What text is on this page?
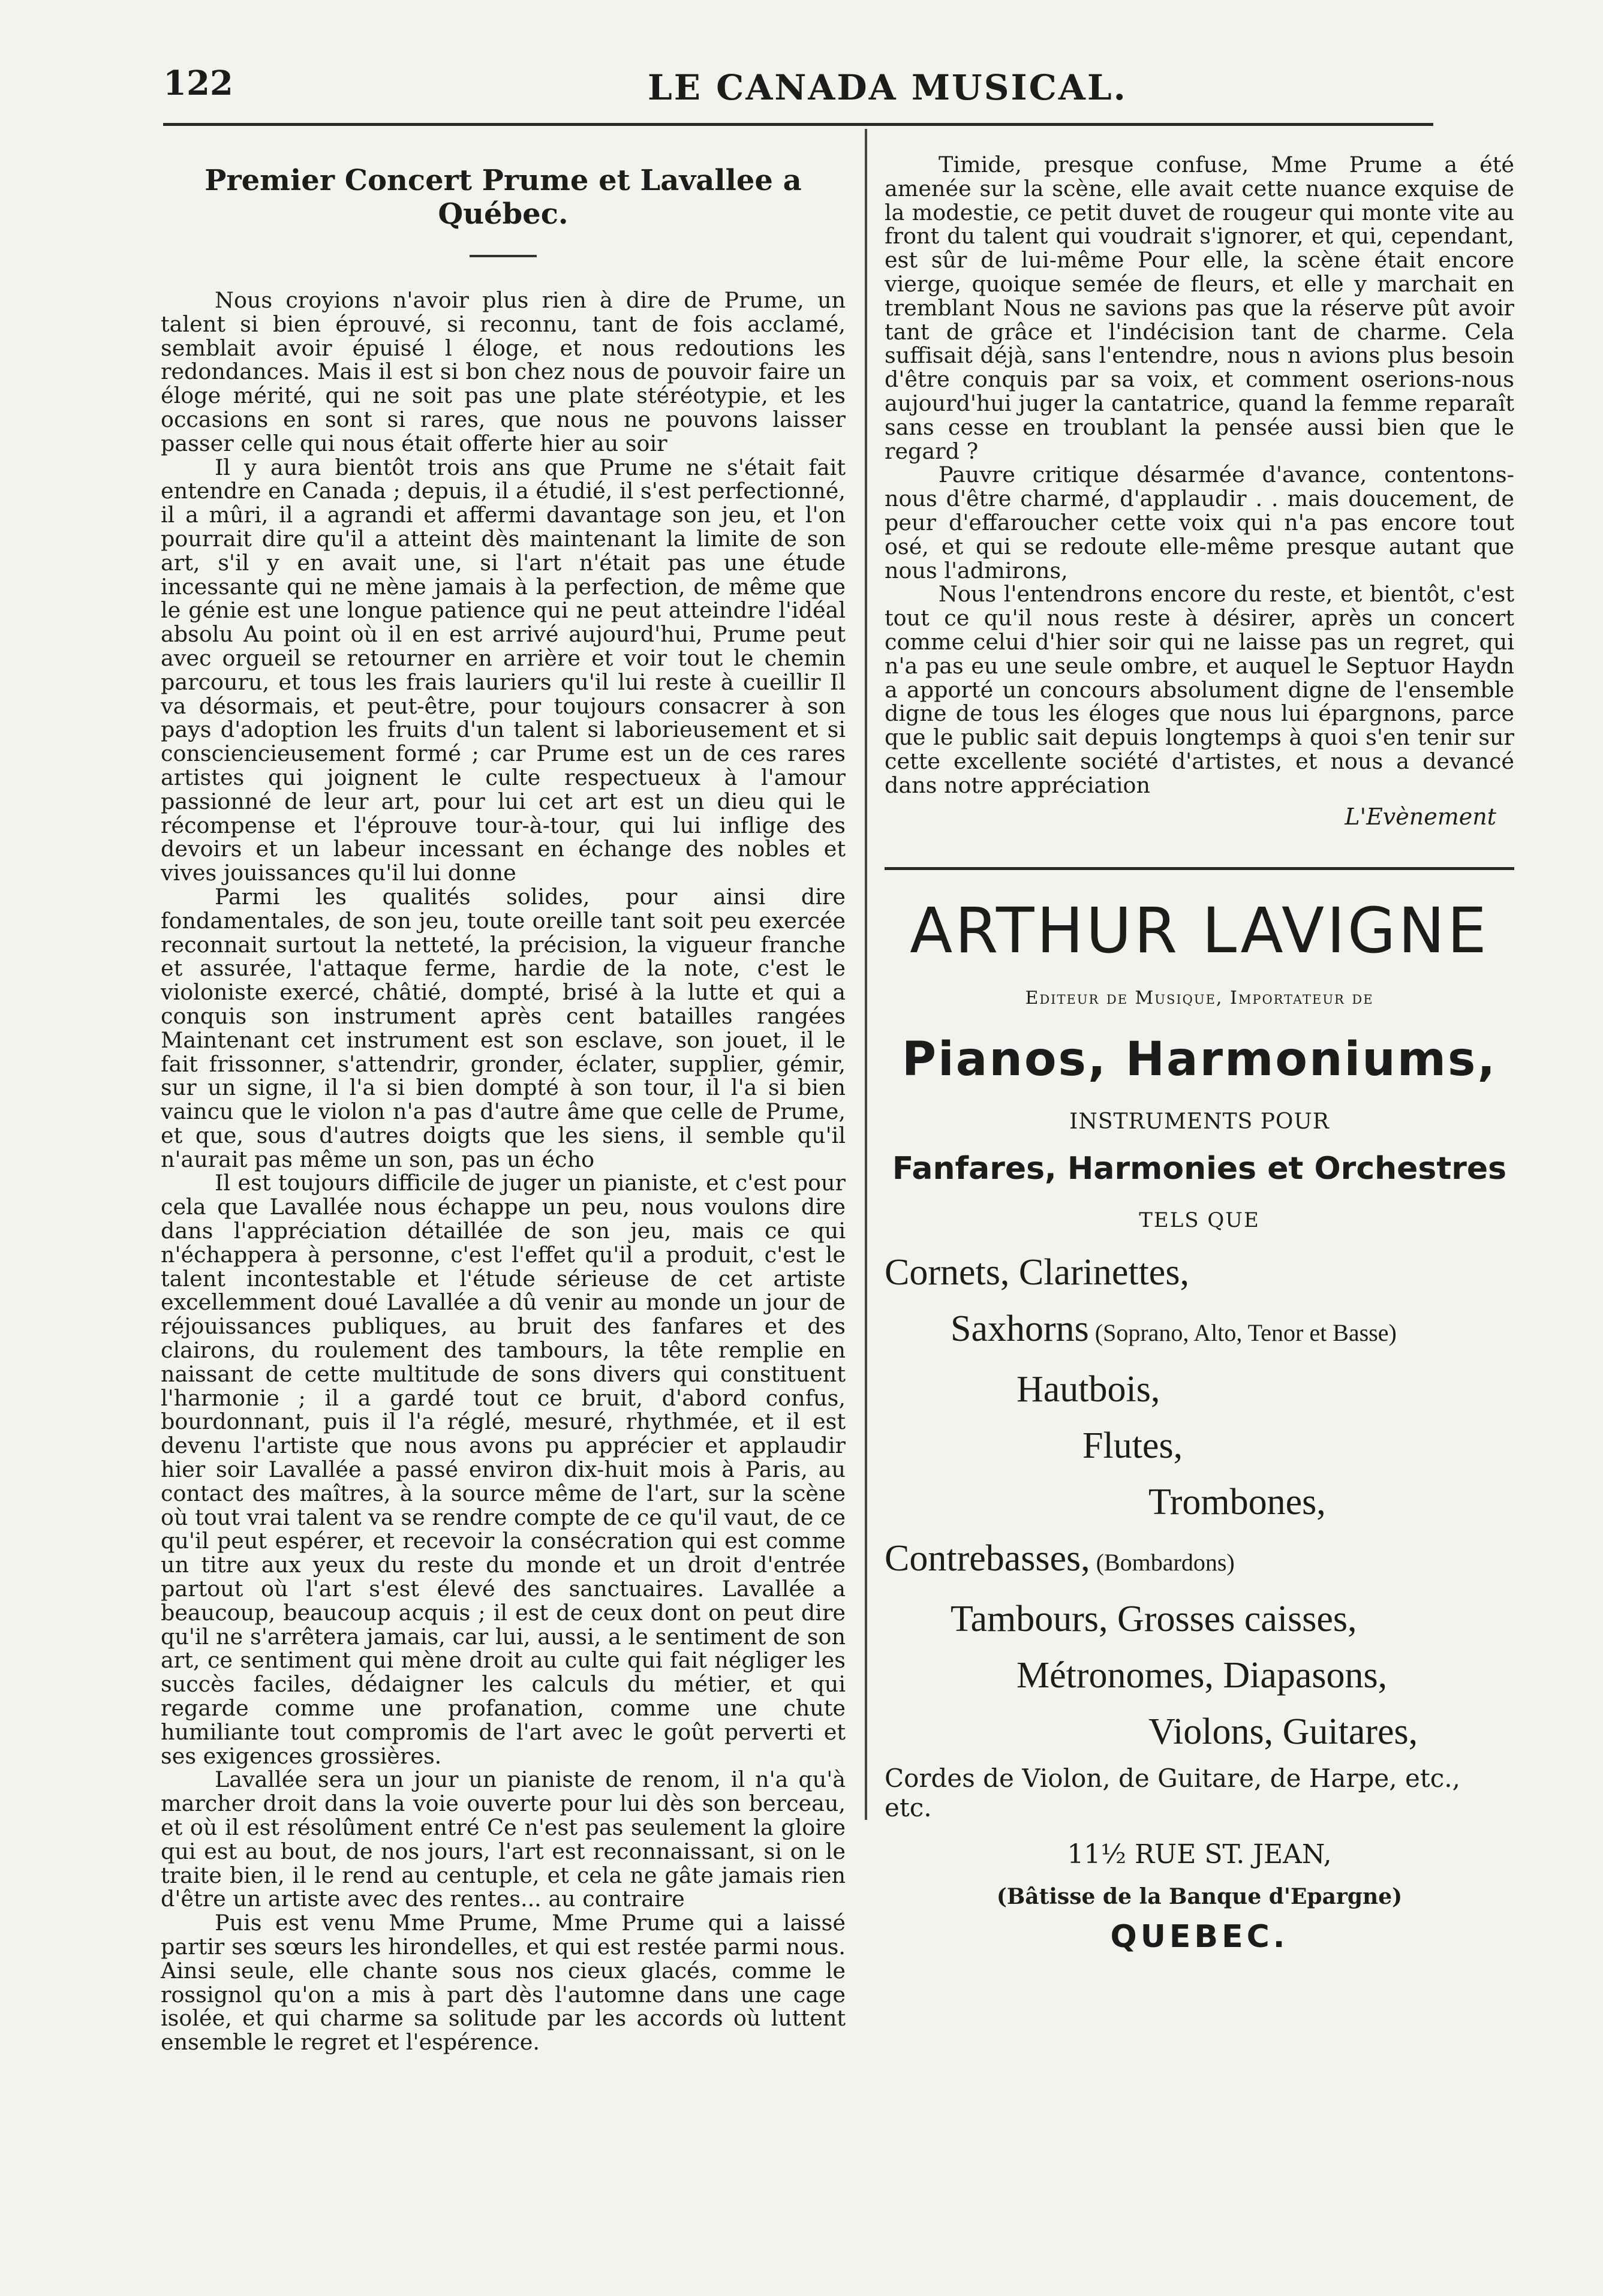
122	LE CANADA MUSICAL.
Premier Concert Prume et Lavallee a Québec.

Nous croyions n'avoir plus rien à dire de Prume, un talent si bien éprouvé, si reconnu, tant de fois acclamé, semblait avoir épuisé l éloge, et nous redoutions les redondances. Mais il est si bon chez nous de pouvoir faire un éloge mérité, qui ne soit pas une plate stéréotypie, et les occasions en sont si rares, que nous ne pouvons laisser passer celle qui nous était offerte hier au soir

Il y aura bientôt trois ans que Prume ne s'était fait entendre en Canada ; depuis, il a étudié, il s'est perfectionné, il a mûri, il a agrandi et affermi davantage son jeu, et l'on pourrait dire qu'il a atteint dès maintenant la limite de son art, s'il y en avait une, si l'art n'était pas une étude incessante qui ne mène jamais à la perfection, de même que le génie est une longue patience qui ne peut atteindre l'idéal absolu Au point où il en est arrivé aujourd'hui, Prume peut avec orgueil se retourner en arrière et voir tout le chemin parcouru, et tous les frais lauriers qu'il lui reste à cueillir Il va désormais, et peut-être, pour toujours consacrer à son pays d'adoption les fruits d'un talent si laborieusement et si consciencieusement formé ; car Prume est un de ces rares artistes qui joignent le culte respectueux à l'amour passionné de leur art, pour lui cet art est un dieu qui le récompense et l'éprouve tour-à-tour, qui lui inflige des devoirs et un labeur incessant en échange des nobles et vives jouissances qu'il lui donne

Parmi les qualités solides, pour ainsi dire fondamentales, de son jeu, toute oreille tant soit peu exercée reconnait surtout la netteté, la précision, la vigueur franche et assurée, l'attaque ferme, hardie de la note, c'est le violoniste exercé, châtié, dompté, brisé à la lutte et qui a conquis son instrument après cent batailles rangées Maintenant cet instrument est son esclave, son jouet, il le fait frissonner, s'attendrir, gronder, éclater, supplier, gémir, sur un signe, il l'a si bien dompté à son tour, il l'a si bien vaincu que le violon n'a pas d'autre âme que celle de Prume, et que, sous d'autres doigts que les siens, il semble qu'il n'aurait pas même un son, pas un écho

Il est toujours difficile de juger un pianiste, et c'est pour cela que Lavallée nous échappe un peu, nous voulons dire dans l'appréciation détaillée de son jeu, mais ce qui n'échappera à personne, c'est l'effet qu'il a produit, c'est le talent incontestable et l'étude sérieuse de cet artiste excellemment doué Lavallée a dû venir au monde un jour de réjouissances publiques, au bruit des fanfares et des clairons, du roulement des tambours, la tête remplie en naissant de cette multitude de sons divers qui constituent l'harmonie ; il a gardé tout ce bruit, d'abord confus, bourdonnant, puis il l'a réglé, mesuré, rhythmée, et il est devenu l'artiste que nous avons pu apprécier et applaudir hier soir Lavallée a passé environ dix-huit mois à Paris, au contact des maîtres, à la source même de l'art, sur la scène où tout vrai talent va se rendre compte de ce qu'il vaut, de ce qu'il peut espérer, et recevoir la consécration qui est comme un titre aux yeux du reste du monde et un droit d'entrée partout où l'art s'est élevé des sanctuaires. Lavallée a beaucoup, beaucoup acquis ; il est de ceux dont on peut dire qu'il ne s'arrêtera jamais, car lui, aussi, a le sentiment de son art, ce sentiment qui mène droit au culte qui fait négliger les succès faciles, dédaigner les calculs du métier, et qui regarde comme une profanation, comme une chute humiliante tout compromis de l'art avec le goût perverti et ses exigences grossières.

Lavallée sera un jour un pianiste de renom, il n'a qu'à marcher droit dans la voie ouverte pour lui dès son berceau, et où il est résolûment entré Ce n'est pas seulement la gloire qui est au bout, de nos jours, l'art est reconnaissant, si on le traite bien, il le rend au centuple, et cela ne gâte jamais rien d'être un artiste avec des rentes... au contraire

Puis est venu Mme Prume, Mme Prume qui a laissé partir ses sœurs les hirondelles, et qui est restée parmi nous. Ainsi seule, elle chante sous nos cieux glacés, comme le rossignol qu'on a mis à part dès l'automne dans une cage isolée, et qui charme sa solitude par les accords où luttent ensemble le regret et l'espérence.

Timide, presque confuse, Mme Prume a été amenée sur la scène, elle avait cette nuance exquise de la modestie, ce petit duvet de rougeur qui monte vite au front du talent qui voudrait s'ignorer, et qui, cependant, est sûr de lui-même Pour elle, la scène était encore vierge, quoique semée de fleurs, et elle y marchait en tremblant Nous ne savions pas que la réserve pût avoir tant de grâce et l'indécision tant de charme. Cela suffisait déjà, sans l'entendre, nous n avions plus besoin d'être conquis par sa voix, et comment oserions-nous aujourd'hui juger la cantatrice, quand la femme reparaît sans cesse en troublant la pensée aussi bien que le regard ?

Pauvre critique désarmée d'avance, contentons-nous d'être charmé, d'applaudir . . mais doucement, de peur d'effaroucher cette voix qui n'a pas encore tout osé, et qui se redoute elle-même presque autant que nous l'admirons,

Nous l'entendrons encore du reste, et bientôt, c'est tout ce qu'il nous reste à désirer, après un concert comme celui d'hier soir qui ne laisse pas un regret, qui n'a pas eu une seule ombre, et auquel le Septuor Haydn a apporté un concours absolument digne de l'ensemble digne de tous les éloges que nous lui épargnons, parce que le public sait depuis longtemps à quoi s'en tenir sur cette excellente société d'artistes, et nous a devancé dans notre appréciation

L'Evènement
ARTHUR LAVIGNE
Editeur de Musique, Importateur de
Pianos, Harmoniums,
INSTRUMENTS POUR
Fanfares, Harmonies et Orchestres
TELS QUE
Cornets, Clarinettes,
Saxhorns (Soprano, Alto, Tenor et Basse)
Hautbois,
Flutes,
Trombones,
Contrebasses, (Bombardons)
Tambours, Grosses caisses,
Métronomes, Diapasons,
Violons, Guitares,
Cordes de Violon, de Guitare, de Harpe, etc., etc.
11½ RUE ST. JEAN,
(Bâtisse de la Banque d'Epargne)
QUEBEC.
